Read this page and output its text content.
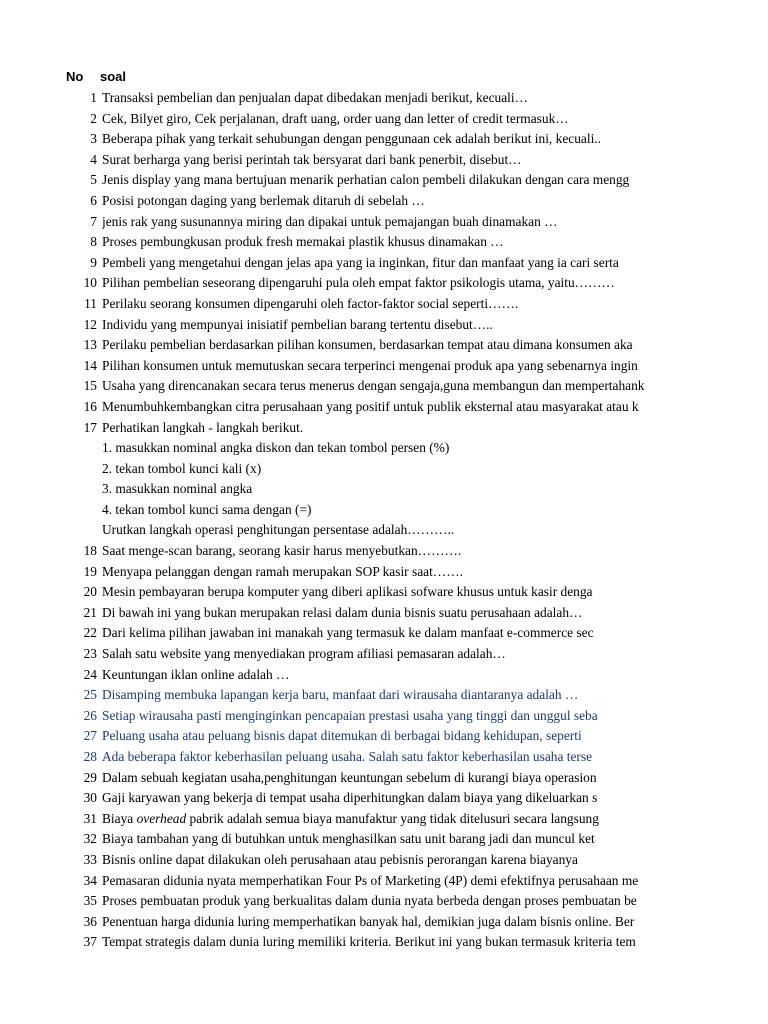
No soal
1 Transaksi pembelian dan penjualan dapat dibedakan menjadi berikut, kecuali…
2 Cek, Bilyet giro, Cek perjalanan, draft uang, order uang dan letter of credit termasuk…
3 Beberapa pihak yang terkait sehubungan dengan penggunaan cek adalah berikut ini, kecuali..
4 Surat berharga yang berisi perintah tak bersyarat dari bank penerbit, disebut…
5 Jenis display yang mana bertujuan menarik perhatian calon pembeli dilakukan dengan cara mengg
6 Posisi potongan daging yang berlemak ditaruh di sebelah …
7 jenis rak yang susunannya miring dan dipakai untuk pemajangan buah dinamakan …
8 Proses pembungkusan produk fresh memakai plastik khusus dinamakan …
9 Pembeli yang mengetahui dengan jelas apa yang ia inginkan, fitur dan manfaat yang ia cari serta
10 Pilihan pembelian seseorang dipengaruhi pula oleh empat faktor psikologis utama, yaitu………
11 Perilaku seorang konsumen dipengaruhi oleh factor-faktor social seperti…….
12 Individu yang mempunyai inisiatif pembelian barang tertentu disebut…..
13 Perilaku pembelian berdasarkan pilihan konsumen, berdasarkan tempat atau dimana konsumen aka
14 Pilihan konsumen untuk memutuskan secara terperinci mengenai produk apa yang sebenarnya ingin
15 Usaha yang direncanakan secara terus menerus dengan sengaja,guna membangun dan mempertahank
16 Menumbuhkembangkan citra perusahaan yang positif untuk publik eksternal atau masyarakat atau k
17 Perhatikan langkah - langkah berikut.
1. masukkan nominal angka diskon dan tekan tombol persen (%)
2. tekan tombol kunci kali (x)
3. masukkan nominal angka
4. tekan tombol kunci sama dengan (=)
Urutkan langkah operasi penghitungan persentase adalah………..
18 Saat menge-scan barang, seorang kasir harus menyebutkan……….
19 Menyapa pelanggan dengan ramah merupakan SOP kasir saat…….
20 Mesin pembayaran berupa komputer yang diberi aplikasi sofware khusus untuk kasir denga
21 Di bawah ini yang bukan merupakan relasi dalam dunia bisnis suatu perusahaan adalah…
22 Dari kelima pilihan jawaban ini manakah yang termasuk ke dalam manfaat e-commerce sec
23 Salah satu website yang menyediakan program afiliasi pemasaran adalah…
24 Keuntungan iklan online adalah …
25 Disamping membuka lapangan kerja baru, manfaat dari wirausaha diantaranya adalah …
26 Setiap wirausaha pasti menginginkan pencapaian prestasi usaha yang tinggi dan unggul seba
27 Peluang usaha atau peluang bisnis dapat ditemukan di berbagai bidang kehidupan, seperti
28 Ada beberapa faktor keberhasilan peluang usaha. Salah satu faktor keberhasilan usaha terse
29 Dalam sebuah kegiatan usaha,penghitungan keuntungan sebelum di kurangi biaya operasion
30 Gaji karyawan yang bekerja di tempat usaha diperhitungkan dalam biaya yang dikeluarkan s
31 Biaya overhead pabrik adalah semua biaya manufaktur yang tidak ditelusuri secara langsung
32 Biaya tambahan yang di butuhkan untuk menghasilkan satu unit barang jadi dan muncul ket
33 Bisnis online dapat dilakukan oleh perusahaan atau pebisnis perorangan karena biayanya
34 Pemasaran didunia nyata memperhatikan Four Ps of Marketing (4P) demi efektifnya perusahaan me
35 Proses pembuatan produk yang berkualitas dalam dunia nyata berbeda dengan proses pembuatan be
36 Penentuan harga didunia luring memperhatikan banyak hal, demikian juga dalam bisnis online. Ber
37 Tempat strategis dalam dunia luring memiliki kriteria. Berikut ini yang bukan termasuk kriteria tem
